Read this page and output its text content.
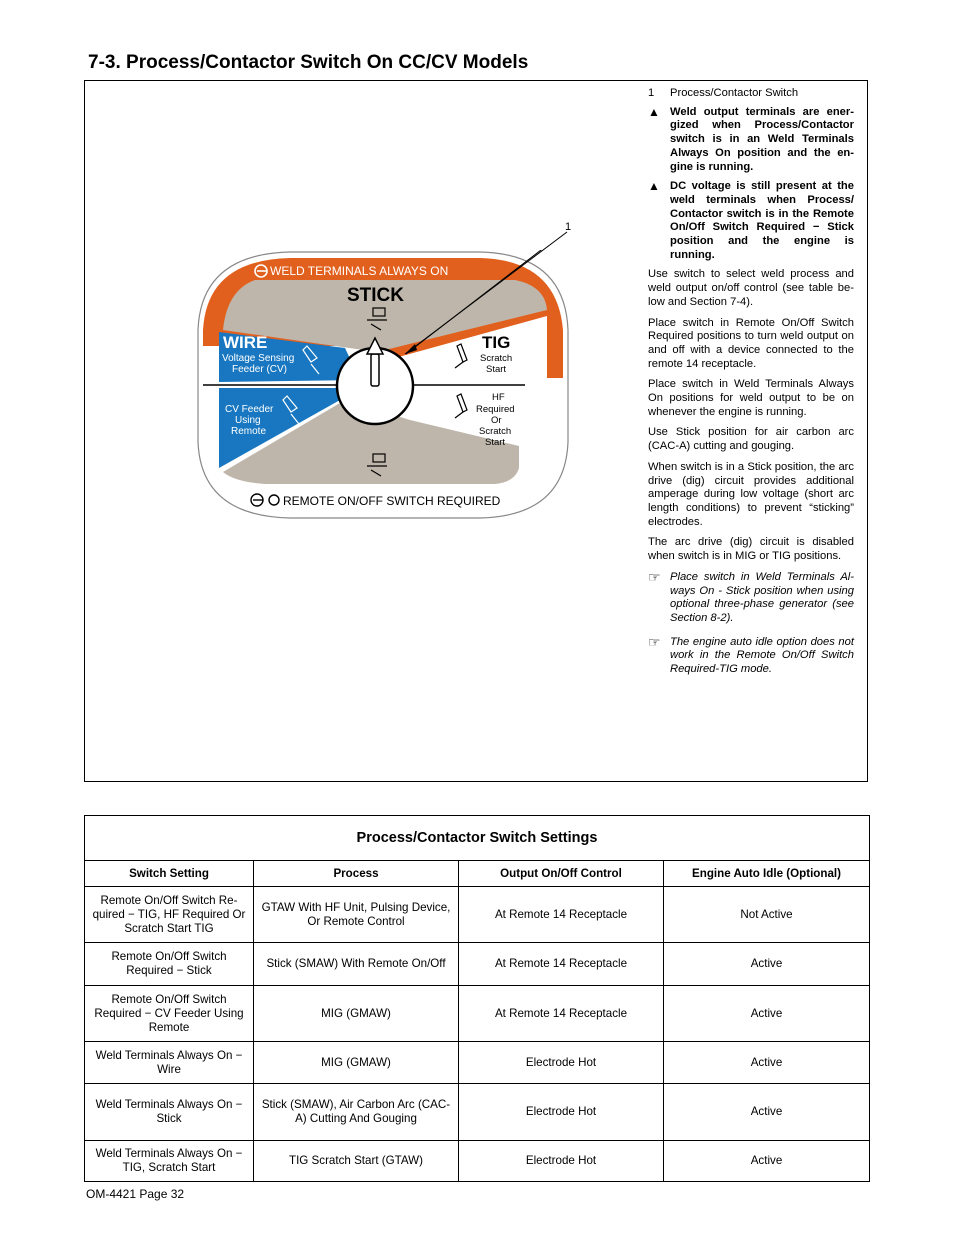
7-3. Process/Contactor Switch On CC/CV Models
WELD TERMINALS ALWAYS ON
REMOTE ON/OFF SWITCH REQUIRED
STICK
WIRE
Voltage Sensing
Feeder (CV)
CV Feeder
Using
Remote
TIG
Scratch
Start
HF
Required
Or
Scratch
Start
1
1	Process/Contactor Switch
▲ Weld output terminals are energized when Process/Contactor switch is in an Weld Terminals Always On position and the engine is running.
▲ DC voltage is still present at the weld terminals when Process/ Contactor switch is in the Remote On/Off Switch Required − Stick position and the engine is running.

Use switch to select weld process and weld output on/off control (see table below and Section 7-4).

Place switch in Remote On/Off Switch Required positions to turn weld output on and off with a device connected to the remote 14 receptacle.

Place switch in Weld Terminals Always On positions for weld output to be on whenever the engine is running.

Use Stick position for air carbon arc (CAC-A) cutting and gouging.

When switch is in a Stick position, the arc drive (dig) circuit provides additional amperage during low voltage (short arc length conditions) to prevent “sticking” electrodes.

The arc drive (dig) circuit is disabled when switch is in MIG or TIG positions.

☞ Place switch in Weld Terminals Always On - Stick position when using optional three-phase generator (see Section 8-2).
☞ The engine auto idle option does not work in the Remote On/Off Switch Required-TIG mode.
Process/Contactor Switch Settings			
Switch Setting	Process	Output On/Off Control	Engine Auto Idle (Optional)
Remote On/Off Switch Required − TIG, HF Required Or Scratch Start TIG	GTAW With HF Unit, Pulsing Device, Or Remote Control	At Remote 14 Receptacle	Not Active
Remote On/Off Switch Required − Stick	Stick (SMAW) With Remote On/Off	At Remote 14 Receptacle	Active
Remote On/Off Switch Required − CV Feeder Using Remote	MIG (GMAW)	At Remote 14 Receptacle	Active
Weld Terminals Always On − Wire	MIG (GMAW)	Electrode Hot	Active
Weld Terminals Always On − Stick	Stick (SMAW), Air Carbon Arc (CAC-A) Cutting And Gouging	Electrode Hot	Active
Weld Terminals Always On − TIG, Scratch Start	TIG Scratch Start (GTAW)	Electrode Hot	Active
OM-4421 Page 32
